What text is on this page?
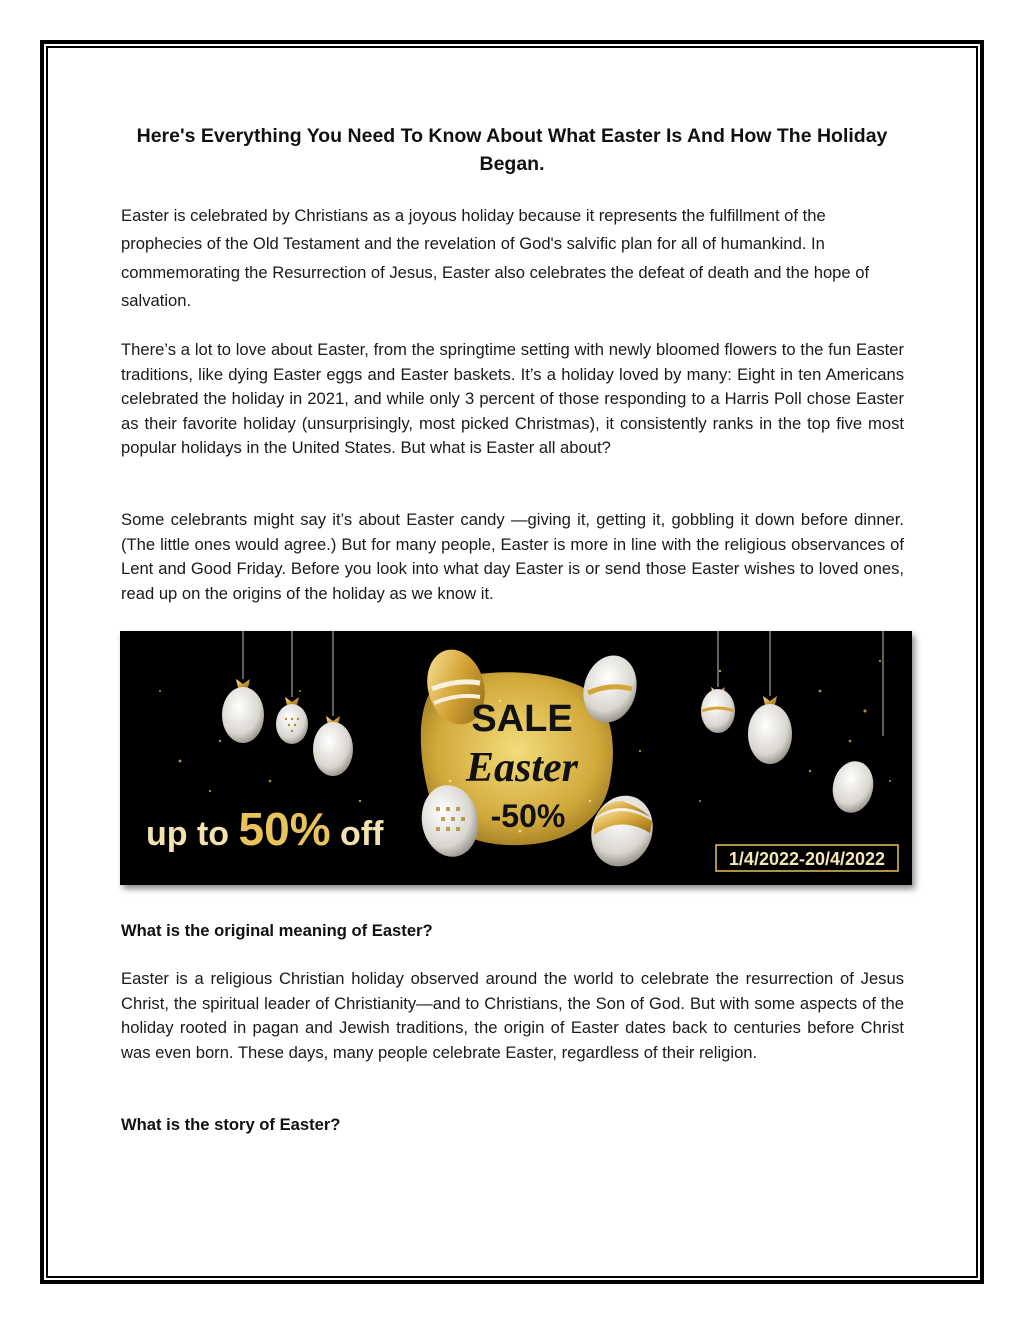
Here's Everything You Need To Know About What Easter Is And How The Holiday Began.

Easter is celebrated by Christians as a joyous holiday because it represents the fulfillment of the prophecies of the Old Testament and the revelation of God's salvific plan for all of humankind. In commemorating the Resurrection of Jesus, Easter also celebrates the defeat of death and the hope of salvation.

There’s a lot to love about Easter, from the springtime setting with newly bloomed flowers to the fun Easter traditions, like dying Easter eggs and Easter baskets. It’s a holiday loved by many: Eight in ten Americans celebrated the holiday in 2021, and while only 3 percent of those responding to a Harris Poll chose Easter as their favorite holiday (unsurprisingly, most picked Christmas), it consistently ranks in the top five most popular holidays in the United States. But what is Easter all about?

Some celebrants might say it’s about Easter candy —giving it, getting it, gobbling it down before dinner. (The little ones would agree.) But for many people, Easter is more in line with the religious observances of Lent and Good Friday. Before you look into what day Easter is or send those Easter wishes to loved ones, read up on the origins of the holiday as we know it.

SALE
Easter
-50%
up to 50% off
1/4/2022-20/4/2022
What is the original meaning of Easter?

Easter is a religious Christian holiday observed around the world to celebrate the resurrection of Jesus Christ, the spiritual leader of Christianity—and to Christians, the Son of God. But with some aspects of the holiday rooted in pagan and Jewish traditions, the origin of Easter dates back to centuries before Christ was even born. These days, many people celebrate Easter, regardless of their religion.

What is the story of Easter?
